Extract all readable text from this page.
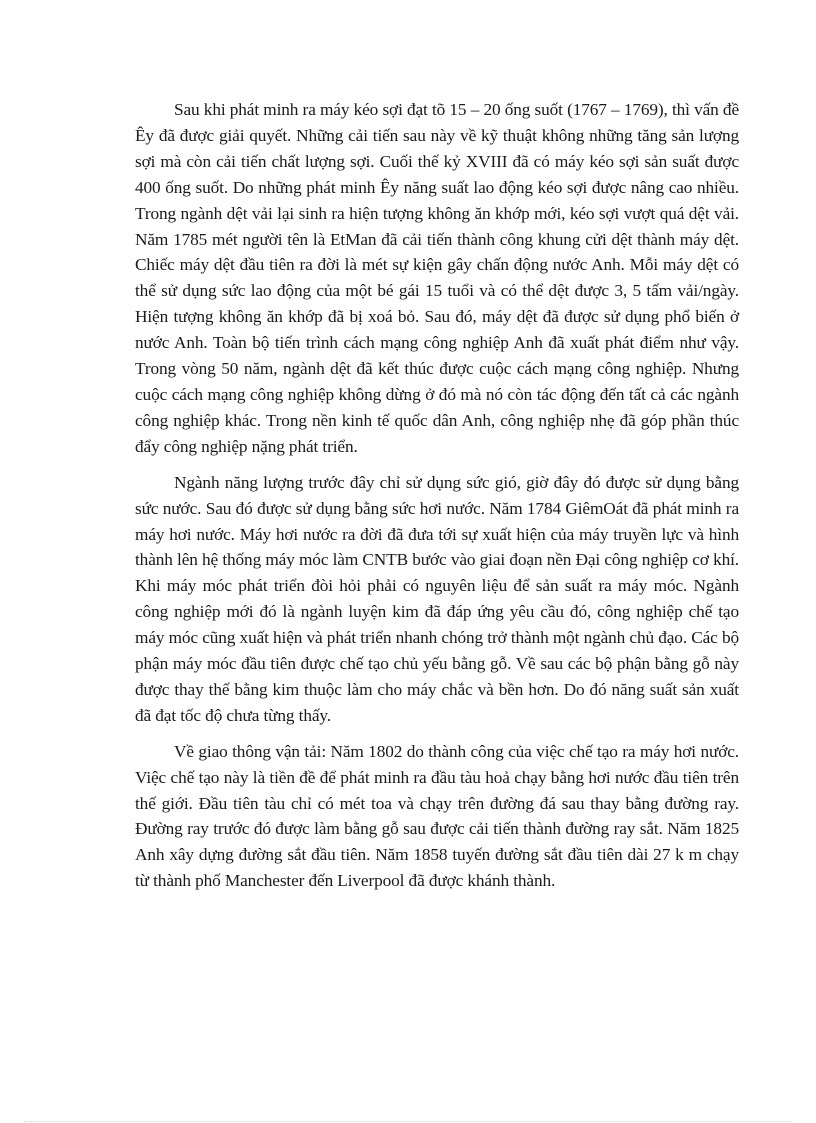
Sau khi phát minh ra máy kéo sợi đạt tõ 15 – 20 ống suốt (1767 – 1769), thì vấn đề Êy đã được giải quyết. Những cải tiến sau này về kỹ thuật không những tăng sản lượng sợi mà còn cải tiến chất lượng sợi. Cuối thế kỷ XVIII đã có máy kéo sợi sản suất được 400 ống suốt. Do những phát minh Êy năng suất lao động kéo sợi được nâng cao nhiều. Trong ngành dệt vải lại sinh ra hiện tượng không ăn khớp mới, kéo sợi vượt quá dệt vải. Năm 1785 mét người tên là EtMan đã cải tiến thành công khung cửi dệt thành máy dệt. Chiếc máy dệt đầu tiên ra đời là mét sự kiện gây chấn động nước Anh. Mỗi máy dệt có thể sử dụng sức lao động của một bé gái 15 tuổi và có thể dệt được 3, 5 tấm vải/ngày. Hiện tượng không ăn khớp đã bị xoá bỏ. Sau đó, máy dệt đã được sử dụng phổ biến ở nước Anh. Toàn bộ tiến trình cách mạng công nghiệp Anh đã xuất phát điểm như vậy. Trong vòng 50 năm, ngành dệt đã kết thúc được cuộc cách mạng công nghiệp. Nhưng cuộc cách mạng công nghiệp không dừng ở đó mà nó còn tác động đến tất cả các ngành công nghiệp khác. Trong nền kinh tế quốc dân Anh, công nghiệp nhẹ đã góp phần thúc đẩy công nghiệp nặng phát triển.

Ngành năng lượng trước đây chỉ sử dụng sức gió, giờ đây đó được sử dụng bằng sức nước. Sau đó được sử dụng bằng sức hơi nước. Năm 1784 GiêmOát đã phát minh ra máy hơi nước. Máy hơi nước ra đời đã đưa tới sự xuất hiện của máy truyền lực và hình thành lên hệ thống máy móc làm CNTB bước vào giai đoạn nền Đại công nghiệp cơ khí. Khi máy móc phát triển đòi hỏi phải có nguyên liệu để sản suất ra máy móc. Ngành công nghiệp mới đó là ngành luyện kim đã đáp ứng yêu cầu đó, công nghiệp chế tạo máy móc cũng xuất hiện và phát triển nhanh chóng trở thành một ngành chủ đạo. Các bộ phận máy móc đầu tiên được chế tạo chủ yếu bằng gỗ. Về sau các bộ phận bằng gỗ này được thay thế bằng kim thuộc làm cho máy chắc và bền hơn. Do đó năng suất sản xuất đã đạt tốc độ chưa từng thấy.

Về giao thông vận tải: Năm 1802 do thành công của việc chế tạo ra máy hơi nước. Việc chế tạo này là tiền đề để phát minh ra đầu tàu hoả chạy bằng hơi nước đầu tiên trên thế giới. Đầu tiên tàu chỉ có mét toa và chạy trên đường đá sau thay bằng đường ray. Đường ray trước đó được làm bằng gỗ sau được cải tiến thành đường ray sắt. Năm 1825 Anh xây dựng đường sắt đầu tiên. Năm 1858 tuyến đường sắt đầu tiên dài 27 k m chạy từ thành phố Manchester đến Liverpool đã được khánh thành.
